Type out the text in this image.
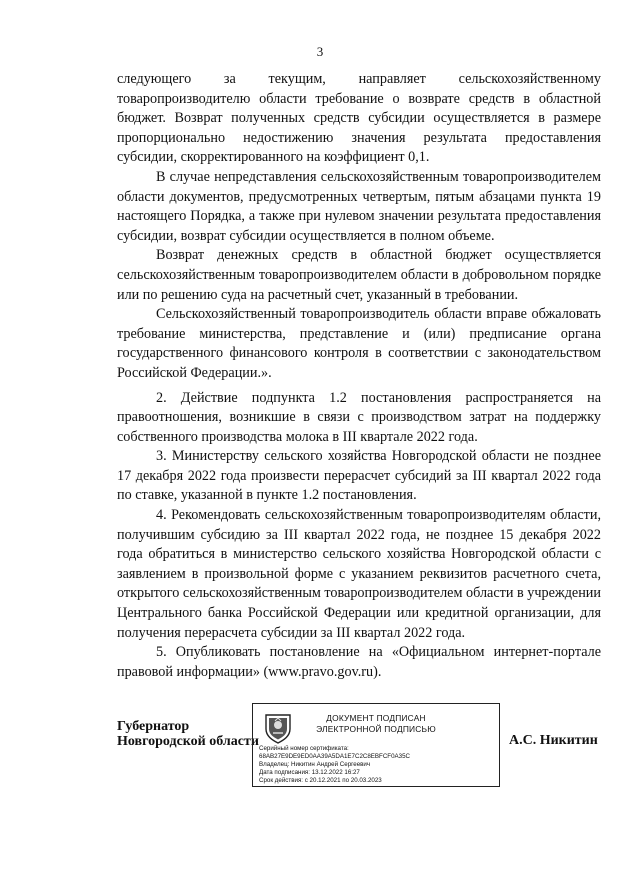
3

следующего за текущим, направляет сельскохозяйственному товаропроизводителю области требование о возврате средств в областной бюджет. Возврат полученных средств субсидии осуществляется в размере пропорционально недостижению значения результата предоставления субсидии, скорректированного на коэффициент 0,1.

В случае непредставления сельскохозяйственным товаропроизводителем области документов, предусмотренных четвертым, пятым абзацами пункта 19 настоящего Порядка, а также при нулевом значении результата предоставления субсидии, возврат субсидии осуществляется в полном объеме.

Возврат денежных средств в областной бюджет осуществляется сельскохозяйственным товаропроизводителем области в добровольном порядке или по решению суда на расчетный счет, указанный в требовании.

Сельскохозяйственный товаропроизводитель области вправе обжаловать требование министерства, представление и (или) предписание органа государственного финансового контроля в соответствии с законодательством Российской Федерации.».

2. Действие подпункта 1.2 постановления распространяется на правоотношения, возникшие в связи с производством затрат на поддержку собственного производства молока в III квартале 2022 года.

3. Министерству сельского хозяйства Новгородской области не позднее 17 декабря 2022 года произвести перерасчет субсидий за III квартал 2022 года по ставке, указанной в пункте 1.2 постановления.

4. Рекомендовать сельскохозяйственным товаропроизводителям области, получившим субсидию за III квартал 2022 года, не позднее 15 декабря 2022 года обратиться в министерство сельского хозяйства Новгородской области с заявлением в произвольной форме с указанием реквизитов расчетного счета, открытого сельскохозяйственным товаропроизводителем области в учреждении Центрального банка Российской Федерации или кредитной организации, для получения перерасчета субсидии за III квартал 2022 года.

5. Опубликовать постановление на «Официальном интернет-портале правовой информации» (www.pravo.gov.ru).

Губернатор
Новгородской области
ДОКУМЕНТ ПОДПИСАН
ЭЛЕКТРОННОЙ ПОДПИСЬЮ
Серийный номер сертификата:
68AB27E9DE9ED0AA39A5DA1E7C2C8EBFCF0A35C
Владелец: Никитин Андрей Сергеевич
Дата подписания: 13.12.2022 16:27
Срок действия: с 20.12.2021 по 20.03.2023
А.С. Никитин
